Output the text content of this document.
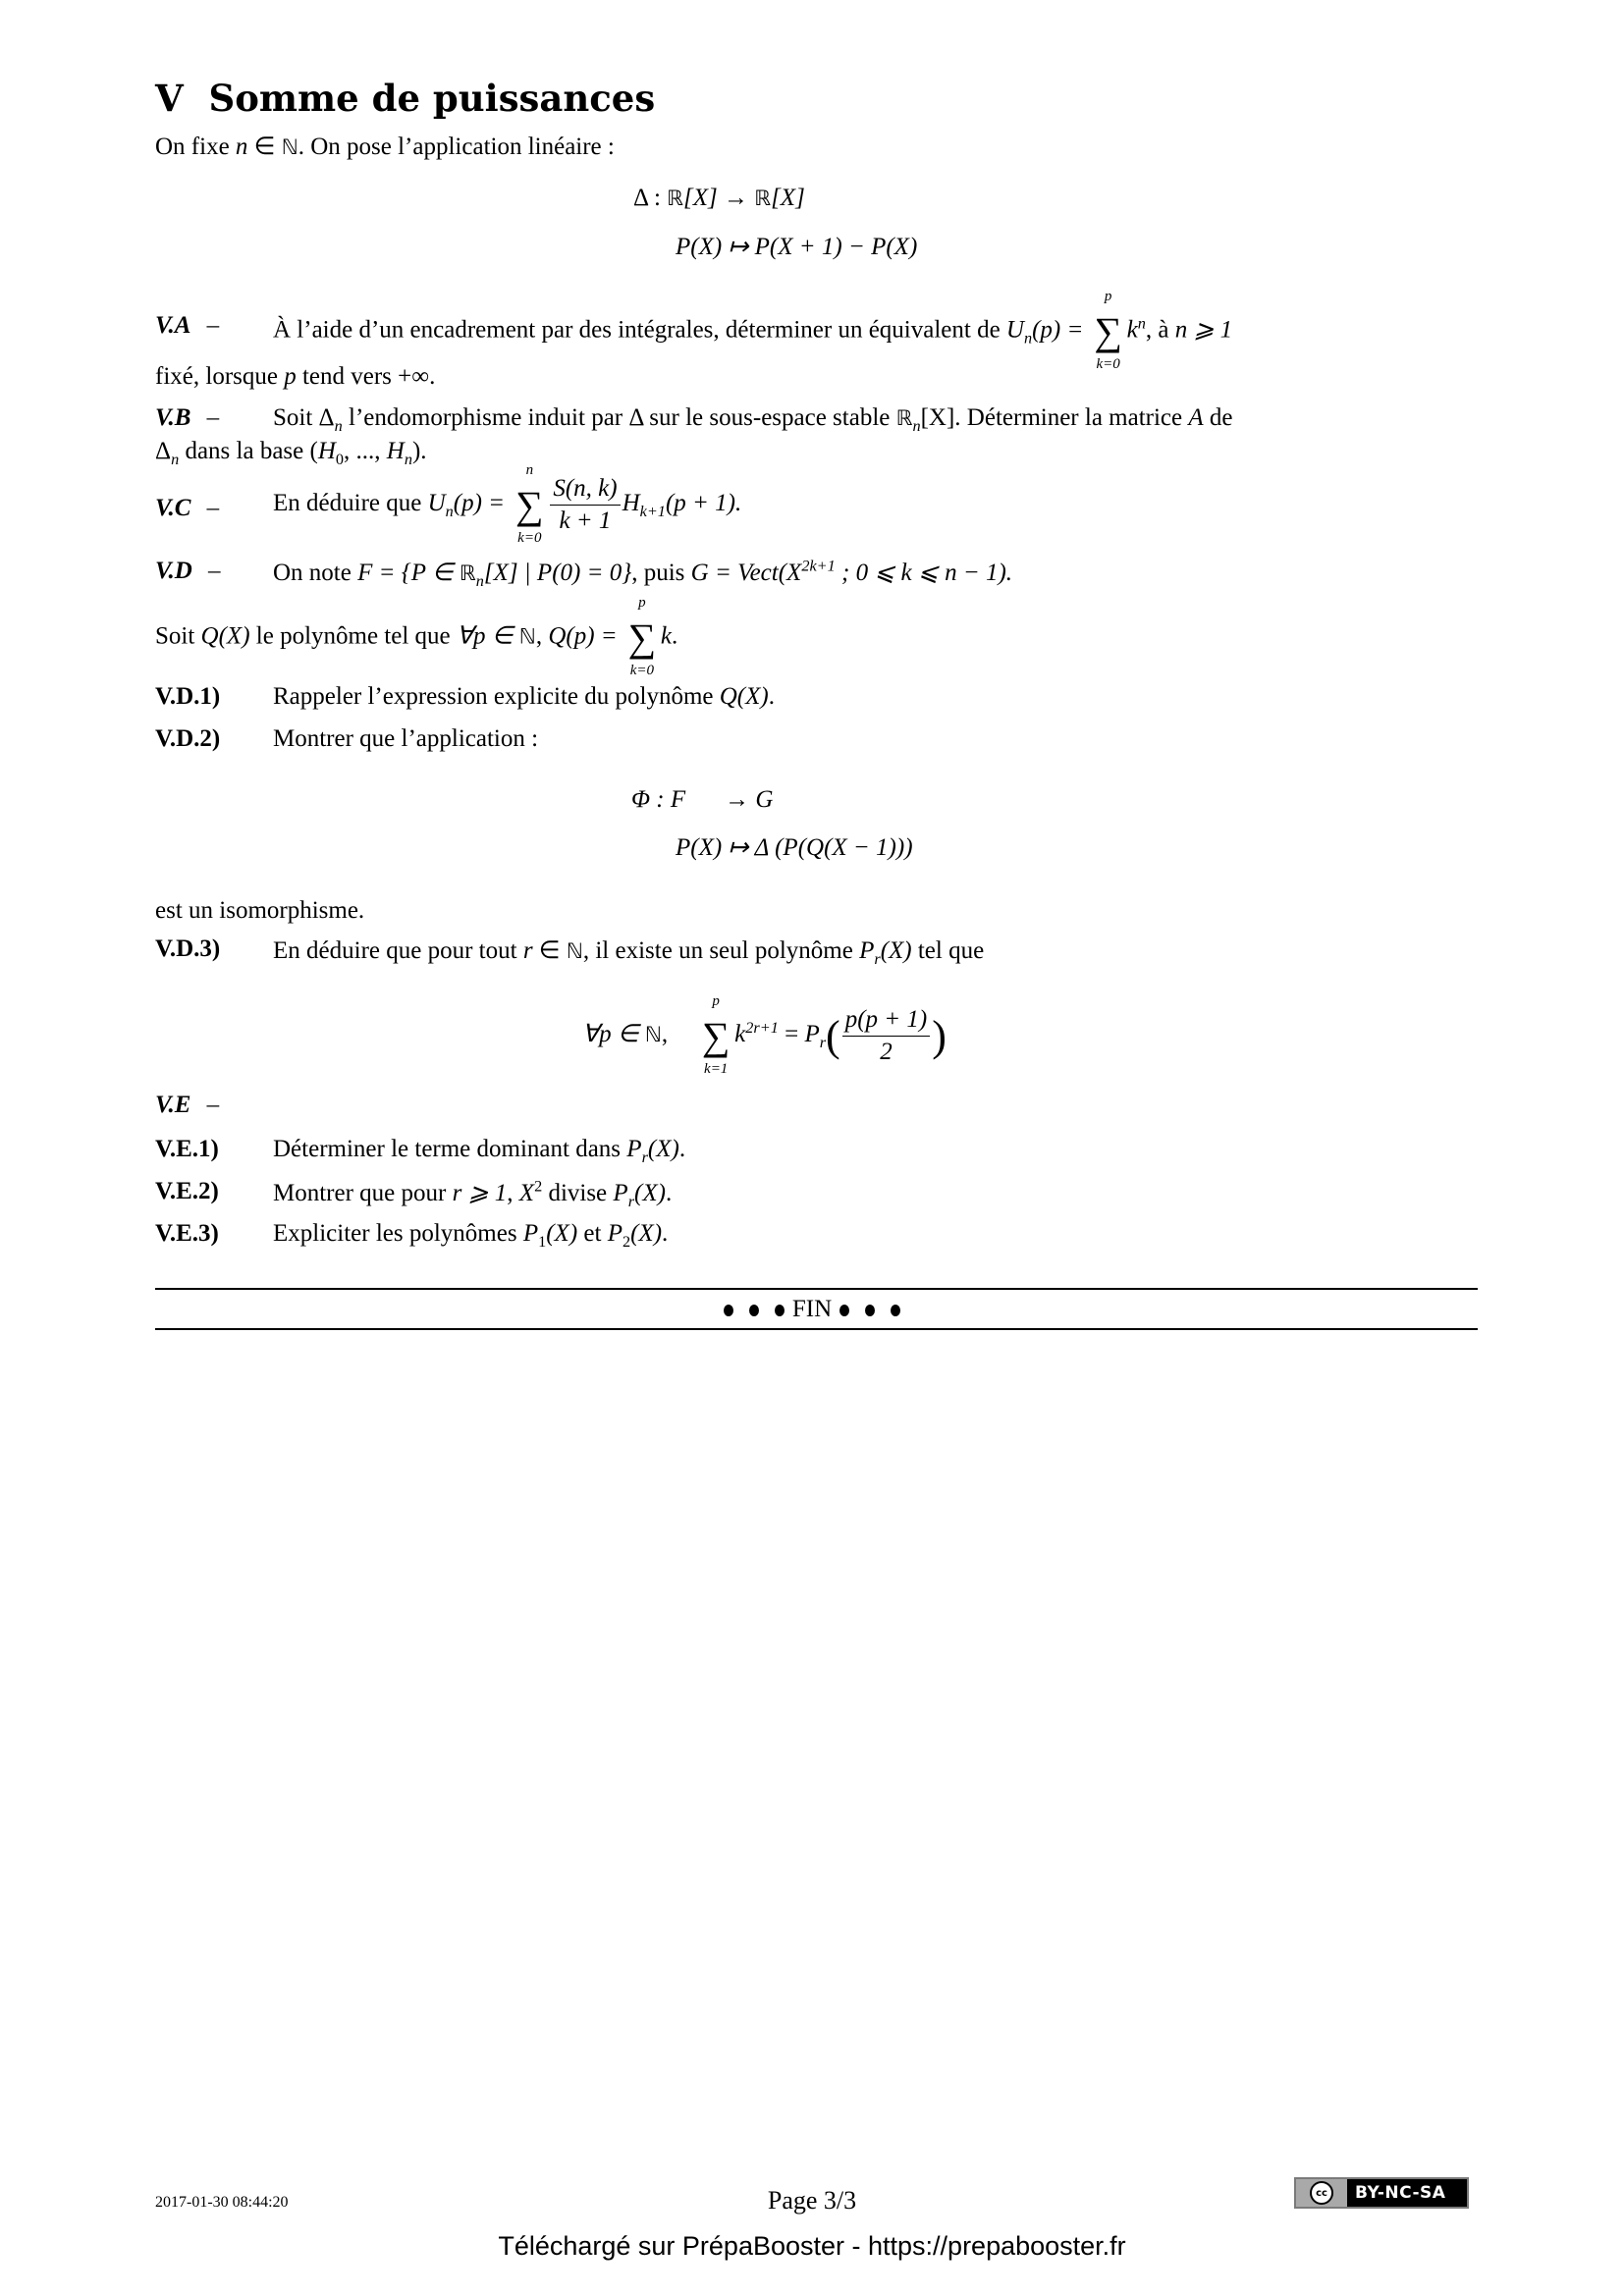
V Somme de puissances
On fixe n ∈ ℕ. On pose l’application linéaire :
Δ : ℝ[X] → ℝ[X]
P(X) ↦ P(X + 1) − P(X)
V.A – À l’aide d’un encadrement par des intégrales, déterminer un équivalent de $U_n(p)$ =
p
∑
k=0
$k^n$, à n ⩾ 1
fixé, lorsque p tend vers +∞.
V.B – Soit $\Delta_n$ l’endomorphisme induit par Δ sur le sous-espace stable ℝ$_n$[X]. Déterminer la matrice A de
$\Delta_n$ dans la base ($H_0$, ..., $H_n$).
V.C – En déduire que $U_n(p)$ =
n
∑
k=0
$\frac{S(n, k)}{k + 1} H_{k+1}(p + 1)$.
V.D – On note F = {P ∈ ℝ$_n$[X] | P(0) = 0}, puis $G = Vect(X^{2k+1}$ ; 0 ⩽ k ⩽ n − 1).
Soit Q(X) le polynôme tel que ∀p ∈ ℕ, Q(p) =
p
∑
k=0
k.
V.D.1) Rappeler l’expression explicite du polynôme Q(X).
V.D.2) Montrer que l’application :
Φ : F → G
P(X) ↦ Δ (P(Q(X − 1)))
est un isomorphisme.
V.D.3) En déduire que pour tout r ∈ ℕ, il existe un seul polynôme $P_r(X)$ tel que
∀p ∈ ℕ,
p
∑
k=1
$k^{2r+1} = P_r( \frac{p(p + 1)}{2}$ )
V.E –
V.E.1) Déterminer le terme dominant dans $P_r(X)$.
V.E.2) Montrer que pour r ⩾ 1, $X^2$ divise $P_r(X)$.
V.E.3) Expliciter les polynômes $P_1(X)$ et $P_2(X)$.
FIN
2017-01-30 08:44:20	Page 3/3	cc	BY-NC-SA
Téléchargé sur PrépaBooster - https://prepabooster.fr
